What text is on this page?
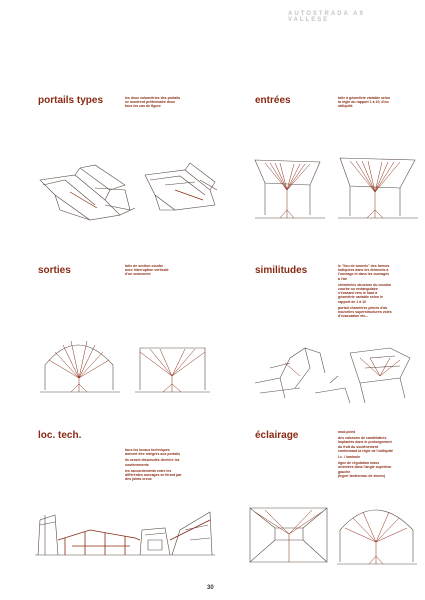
AUTOSTRADA A9 VALLESE
portails types	les deux volumétries des portails
se montrent préliminaire deux
tous les cas de figure
entrées	toile à géométrie variable selon
la règle du rapport 1 à 10, d'où
obliquité
sorties	toile de section courbe
avec interruption verticale
d'un seulement	similitudes	le "lieu de tunnels" des formes
indiquées dans les éléments à
l'ouvrage et dans les ouvrages
à l'air
cheminées structure du coudon
courbe ou rectangulaire
s'évasant vers le haut à
géométrie variable selon le
rapport de 1 à 10
portail charnières pièces d'air
nouvelles superstructures voies
d'évacuation etc...
loc. tech.
tous les locaux techniques
doivent être intégrés aux portails
ils seront dissimulés derrière les
soutènements
les raccordements entre les
différentes ouvrages se feront par
des joints creux
éclairage	mod.point
des caissons de candélabres
implantés dans le prolongement
du fruit du soutènement
conformant la règle de l'obliquité
l.c. / luminule
ligne de régulation mass
orientées dans l'angle supérieur
gauche
(hyper lanterneau de stores)
30
